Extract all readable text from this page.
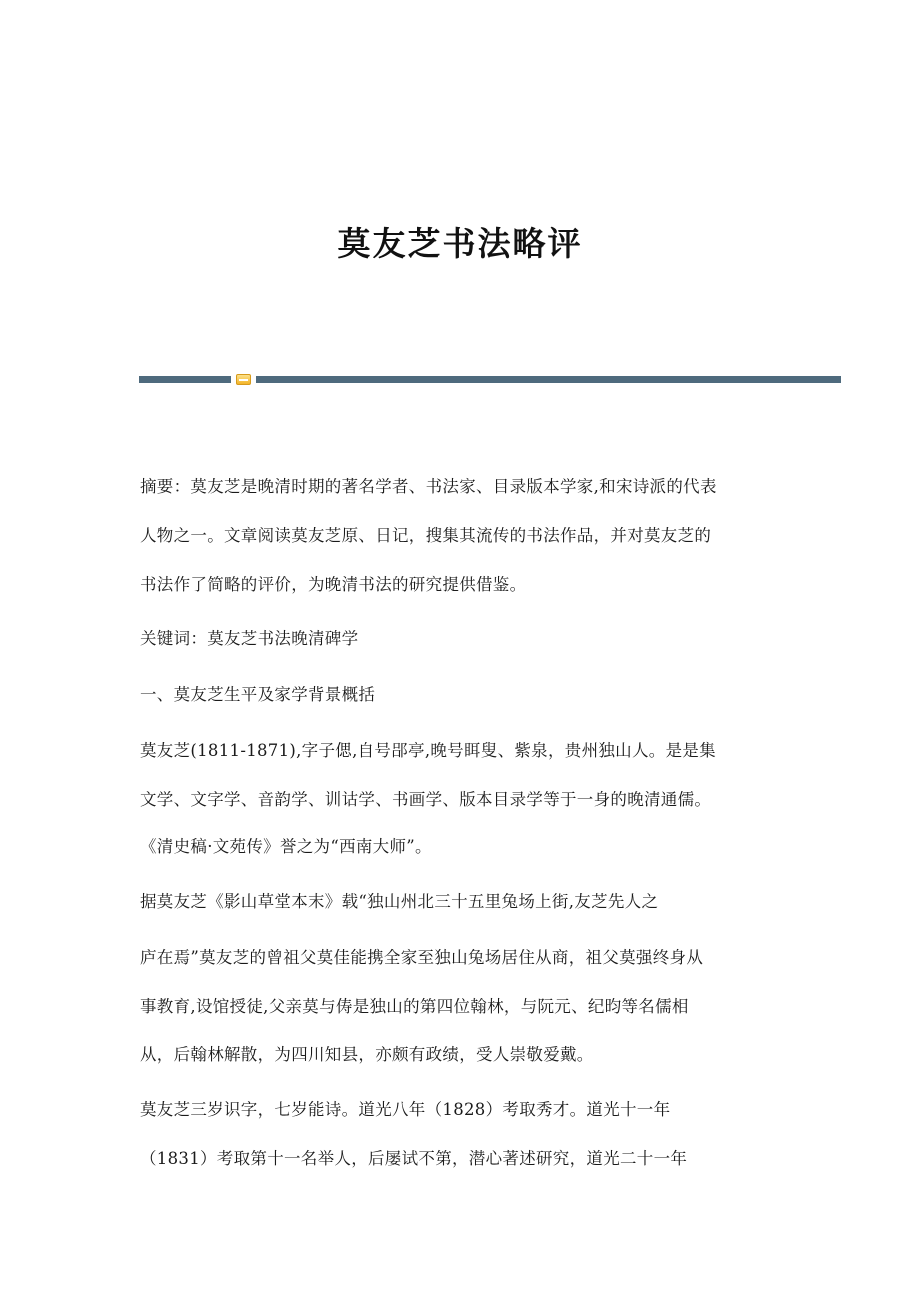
莫友芝书法略评
摘要：莫友芝是晚清时期的著名学者、书法家、目录版本学家,和宋诗派的代表
人物之一。文章阅读莫友芝原、日记，搜集其流传的书法作品，并对莫友芝的
书法作了简略的评价，为晚清书法的研究提供借鉴。
关键词：莫友芝书法晚清碑学
一、莫友芝生平及家学背景概括
莫友芝(1811-1871),字子偲,自号郘亭,晚号眲叟、紫泉，贵州独山人。是是集
文学、文字学、音韵学、训诂学、书画学、版本目录学等于一身的晚清通儒。
《清史稿·文苑传》誉之为“西南大师”。
据莫友芝《影山草堂本末》载“独山州北三十五里兔场上街,友芝先人之
庐在焉”莫友芝的曾祖父莫佳能携全家至独山兔场居住从商，祖父莫强终身从
事教育,设馆授徒,父亲莫与俦是独山的第四位翰林，与阮元、纪昀等名儒相
从，后翰林解散，为四川知县，亦颇有政绩，受人崇敬爱戴。
莫友芝三岁识字，七岁能诗。道光八年（1828）考取秀才。道光十一年
（1831）考取第十一名举人，后屡试不第，潜心著述研究，道光二十一年
